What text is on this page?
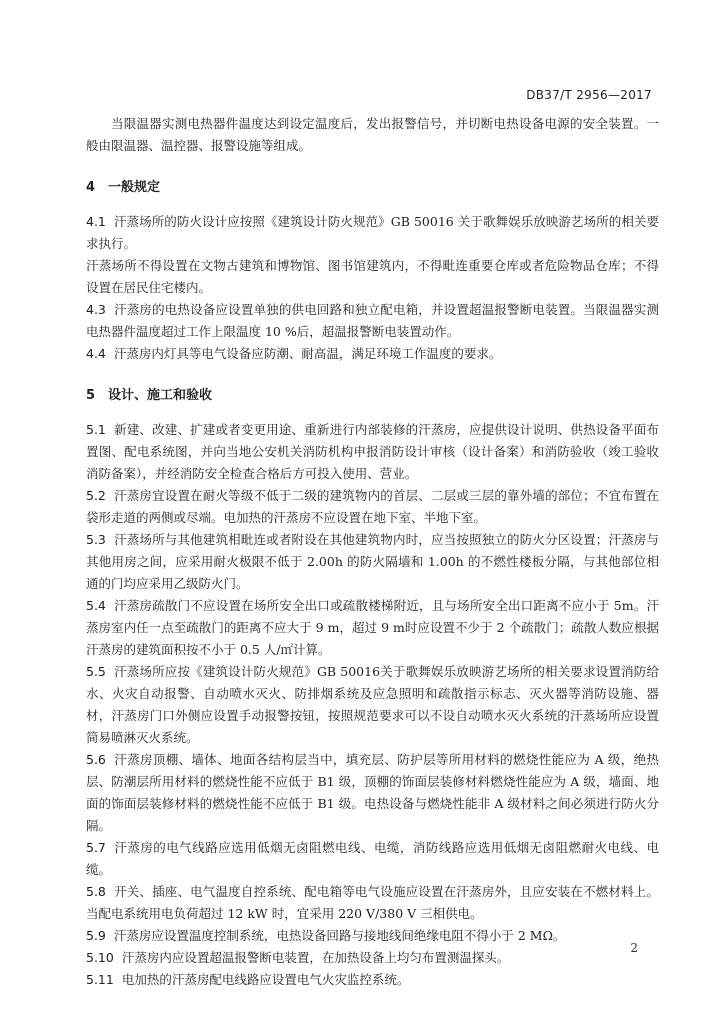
DB37/T 2956—2017

当限温器实测电热器件温度达到设定温度后，发出报警信号，并切断电热设备电源的安全装置。一般由限温器、温控器、报警设施等组成。

4 一般规定

4.1 汗蒸场所的防火设计应按照《建筑设计防火规范》GB 50016 关于歌舞娱乐放映游艺场所的相关要求执行。

汗蒸场所不得设置在文物古建筑和博物馆、图书馆建筑内，不得毗连重要仓库或者危险物品仓库；不得设置在居民住宅楼内。

4.3 汗蒸房的电热设备应设置单独的供电回路和独立配电箱，并设置超温报警断电装置。当限温器实测电热器件温度超过工作上限温度 10 %后，超温报警断电装置动作。

4.4 汗蒸房内灯具等电气设备应防潮、耐高温，满足环境工作温度的要求。

5 设计、施工和验收

5.1 新建、改建、扩建或者变更用途、重新进行内部装修的汗蒸房，应提供设计说明、供热设备平面布置图、配电系统图，并向当地公安机关消防机构申报消防设计审核（设计备案）和消防验收（竣工验收消防备案），并经消防安全检查合格后方可投入使用、营业。

5.2 汗蒸房宜设置在耐火等级不低于二级的建筑物内的首层、二层或三层的靠外墙的部位；不宜布置在袋形走道的两侧或尽端。电加热的汗蒸房不应设置在地下室、半地下室。

5.3 汗蒸场所与其他建筑相毗连或者附设在其他建筑物内时，应当按照独立的防火分区设置；汗蒸房与其他用房之间，应采用耐火极限不低于 2.00h 的防火隔墙和 1.00h 的不燃性楼板分隔，与其他部位相通的门均应采用乙级防火门。

5.4 汗蒸房疏散门不应设置在场所安全出口或疏散楼梯附近，且与场所安全出口距离不应小于 5m。汗蒸房室内任一点至疏散门的距离不应大于 9 m，超过 9 m时应设置不少于 2 个疏散门；疏散人数应根据汗蒸房的建筑面积按不小于 0.5 人/㎡计算。

5.5 汗蒸场所应按《建筑设计防火规范》GB 50016关于歌舞娱乐放映游艺场所的相关要求设置消防给水、火灾自动报警、自动喷水灭火、防排烟系统及应急照明和疏散指示标志、灭火器等消防设施、器材，汗蒸房门口外侧应设置手动报警按钮，按照规范要求可以不设自动喷水灭火系统的汗蒸场所应设置简易喷淋灭火系统。

5.6 汗蒸房顶棚、墙体、地面各结构层当中，填充层、防护层等所用材料的燃烧性能应为 A 级，绝热层、防潮层所用材料的燃烧性能不应低于 B1 级，顶棚的饰面层装修材料燃烧性能应为 A 级，墙面、地面的饰面层装修材料的燃烧性能不应低于 B1 级。电热设备与燃烧性能非 A 级材料之间必须进行防火分隔。

5.7 汗蒸房的电气线路应选用低烟无卤阻燃电线、电缆，消防线路应选用低烟无卤阻燃耐火电线、电缆。

5.8 开关、插座、电气温度自控系统、配电箱等电气设施应设置在汗蒸房外，且应安装在不燃材料上。当配电系统用电负荷超过 12 kW 时，宜采用 220 V/380 V 三相供电。

5.9 汗蒸房应设置温度控制系统，电热设备回路与接地线间绝缘电阻不得小于 2 MΩ。

5.10 汗蒸房内应设置超温报警断电装置，在加热设备上均匀布置测温探头。

5.11 电加热的汗蒸房配电线路应设置电气火灾监控系统。

2
